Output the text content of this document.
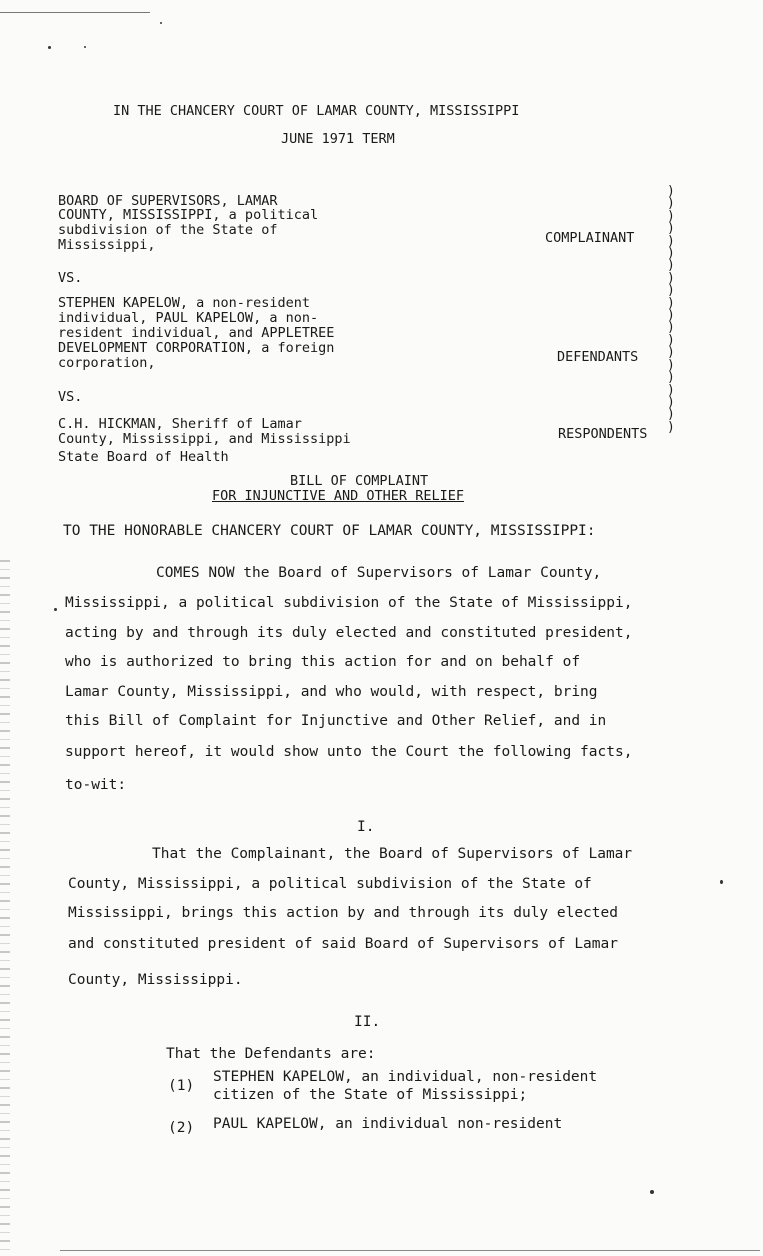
IN THE CHANCERY COURT OF LAMAR COUNTY, MISSISSIPPI
JUNE 1971 TERM
BOARD OF SUPERVISORS, LAMAR
COUNTY, MISSISSIPPI, a political
subdivision of the State of
Mississippi,	COMPLAINANT
VS.
STEPHEN KAPELOW, a non-resident
individual, PAUL KAPELOW, a non-
resident individual, and APPLETREE
DEVELOPMENT CORPORATION, a foreign
corporation,	DEFENDANTS
VS.
C.H. HICKMAN, Sheriff of Lamar
County, Mississippi, and Mississippi
State Board of Health
RESPONDENTS
)
)
)
)
)
)
)
)
)
)
)
)
)
)
)
)
)
)
)
)
BILL OF COMPLAINT
FOR INJUNCTIVE AND OTHER RELIEF
TO THE HONORABLE CHANCERY COURT OF LAMAR COUNTY, MISSISSIPPI:
COMES NOW the Board of Supervisors of Lamar County,
Mississippi, a political subdivision of the State of Mississippi,
acting by and through its duly elected and constituted president,
who is authorized to bring this action for and on behalf of
Lamar County, Mississippi, and who would, with respect, bring
this Bill of Complaint for Injunctive and Other Relief, and in
support hereof, it would show unto the Court the following facts,
to-wit:
I.
That the Complainant, the Board of Supervisors of Lamar
County, Mississippi, a political subdivision of the State of
Mississippi, brings this action by and through its duly elected
and constituted president of said Board of Supervisors of Lamar
County, Mississippi.
II.
That the Defendants are:
(1)
STEPHEN KAPELOW, an individual, non-resident
citizen of the State of Mississippi;
(2) PAUL KAPELOW, an individual non-resident
